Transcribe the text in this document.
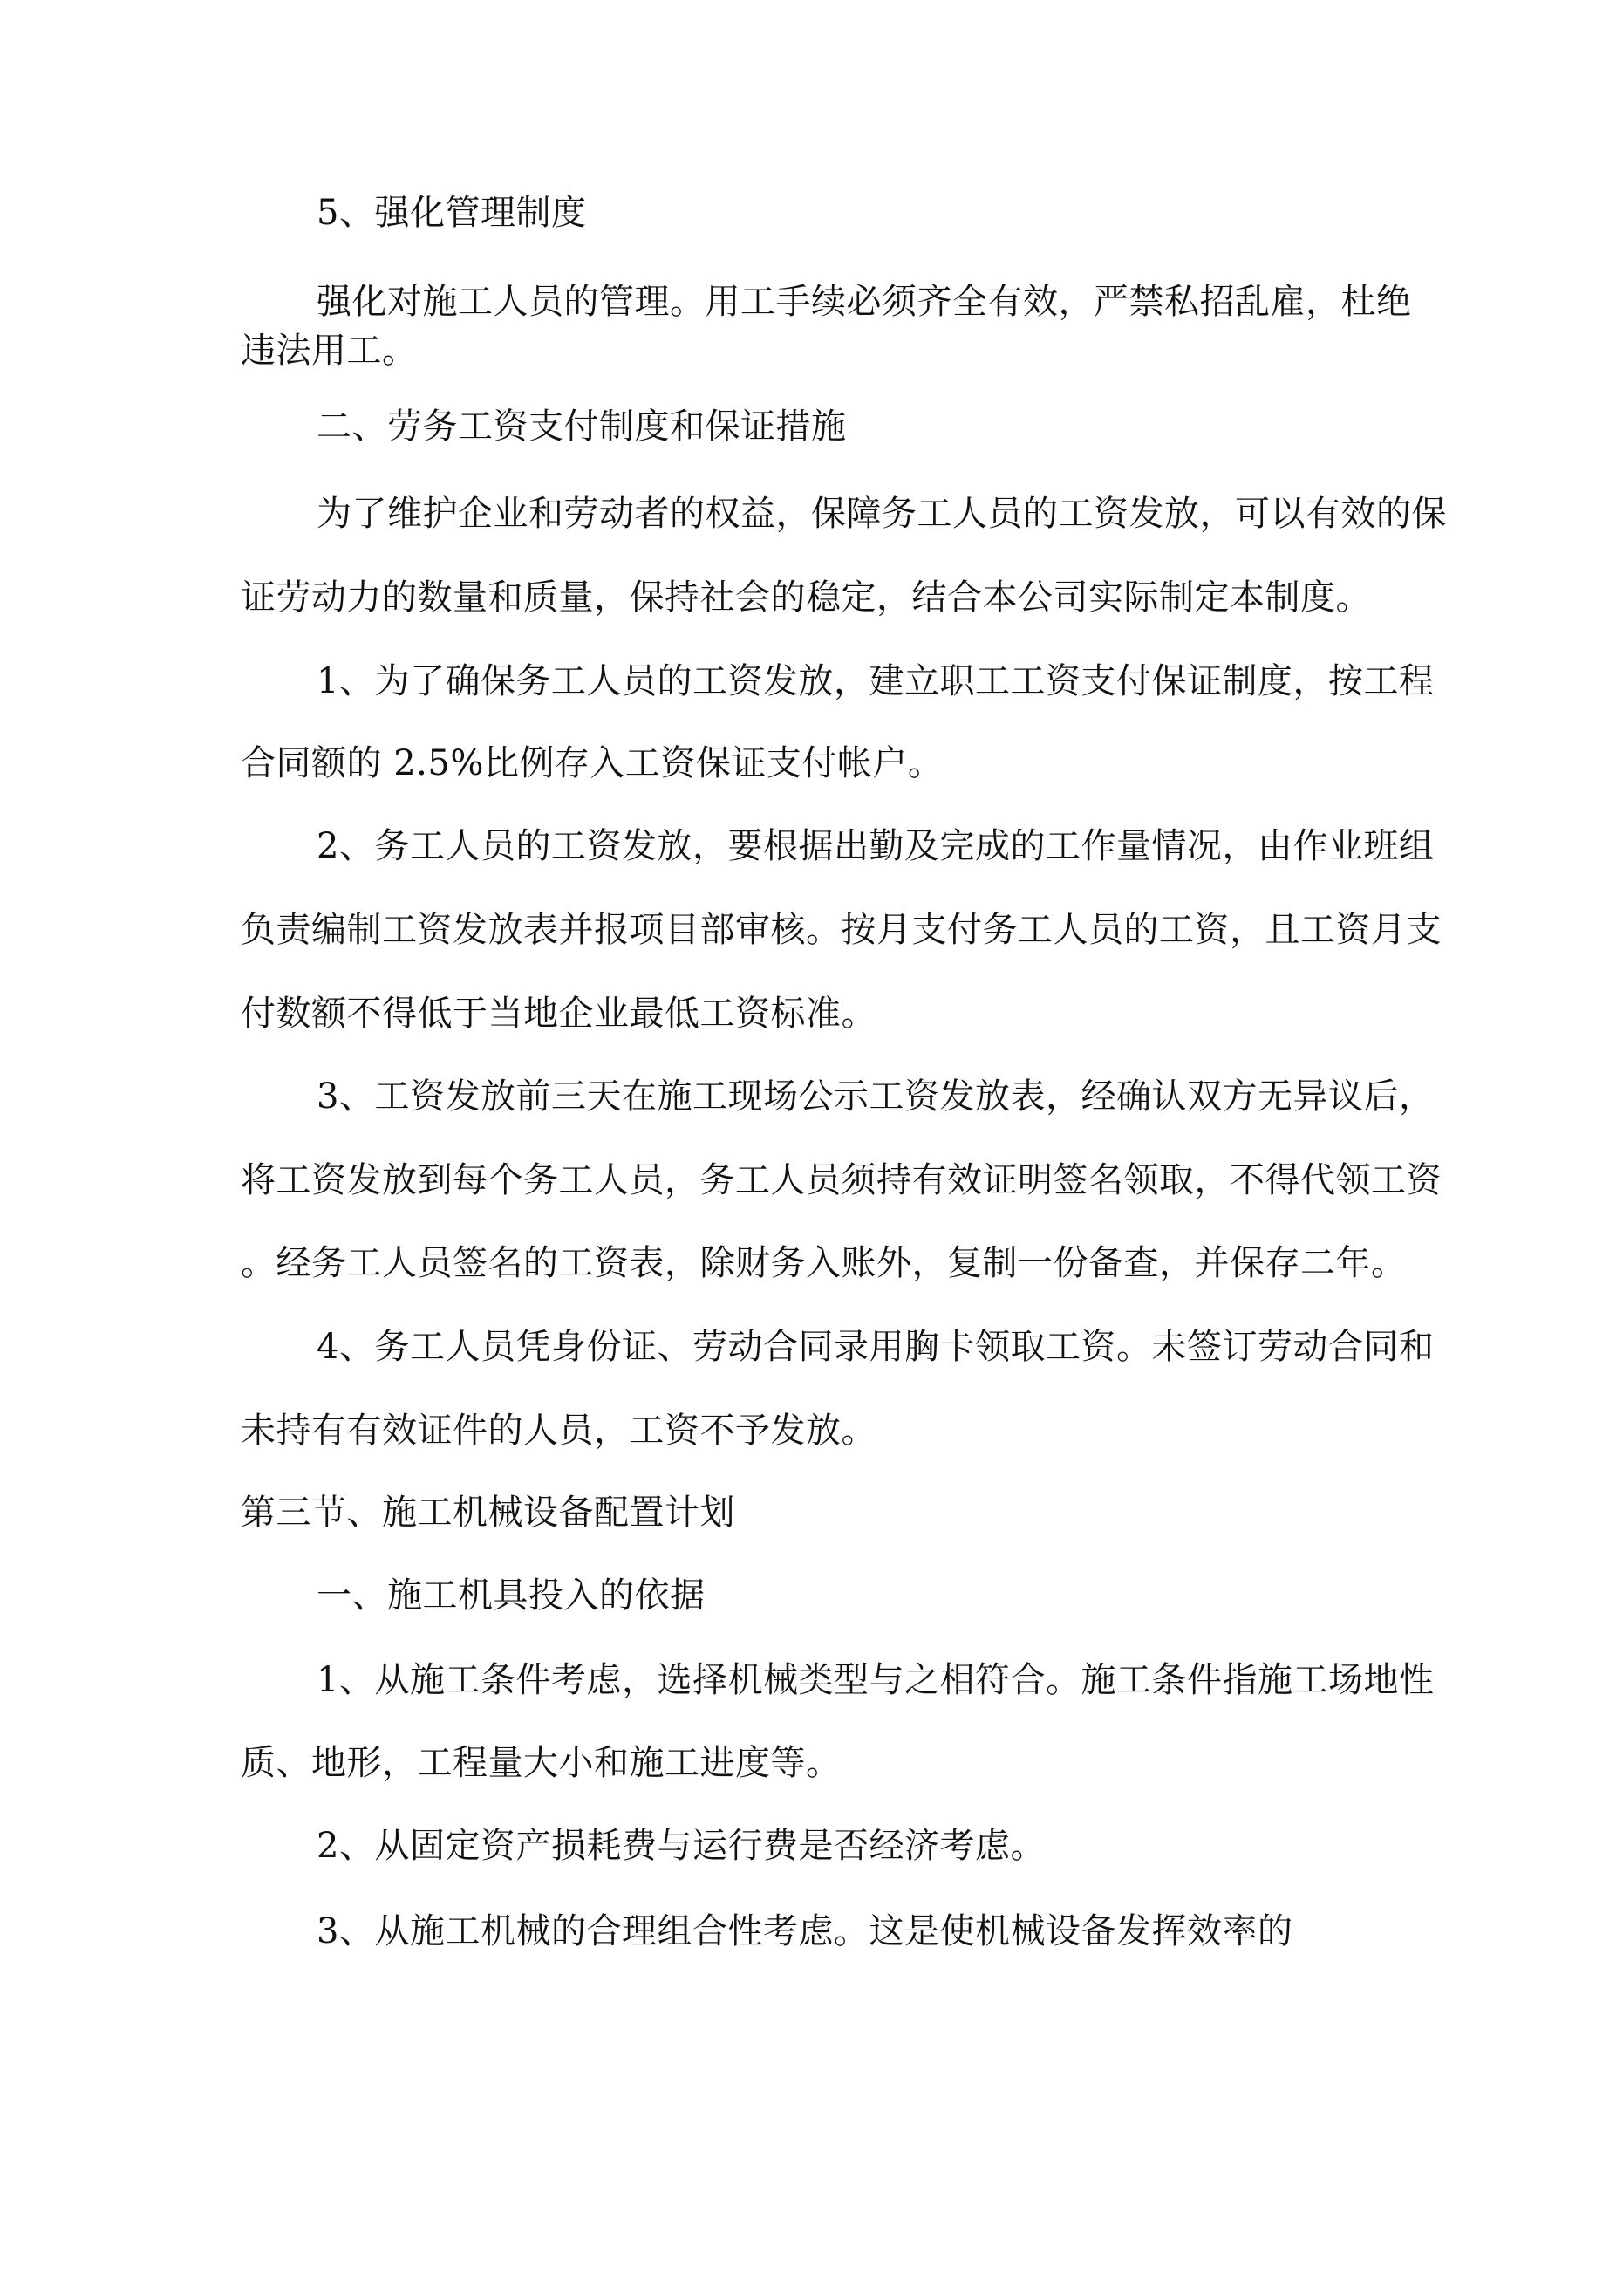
5、强化管理制度
强化对施工人员的管理。用工手续必须齐全有效，严禁私招乱雇，杜绝
违法用工。
二、劳务工资支付制度和保证措施
为了维护企业和劳动者的权益，保障务工人员的工资发放，可以有效的保
证劳动力的数量和质量，保持社会的稳定，结合本公司实际制定本制度。
1、为了确保务工人员的工资发放，建立职工工资支付保证制度，按工程
合同额的 2.5%比例存入工资保证支付帐户。
2、务工人员的工资发放，要根据出勤及完成的工作量情况，由作业班组
负责编制工资发放表并报项目部审核。按月支付务工人员的工资，且工资月支
付数额不得低于当地企业最低工资标准。
3、工资发放前三天在施工现场公示工资发放表，经确认双方无异议后，
将工资发放到每个务工人员，务工人员须持有效证明签名领取，不得代领工资
。经务工人员签名的工资表，除财务入账外，复制一份备查，并保存二年。
4、务工人员凭身份证、劳动合同录用胸卡领取工资。未签订劳动合同和
未持有有效证件的人员，工资不予发放。
第三节、施工机械设备配置计划
一、施工机具投入的依据
1、从施工条件考虑，选择机械类型与之相符合。施工条件指施工场地性
质、地形，工程量大小和施工进度等。
2、从固定资产损耗费与运行费是否经济考虑。
3、从施工机械的合理组合性考虑。这是使机械设备发挥效率的
